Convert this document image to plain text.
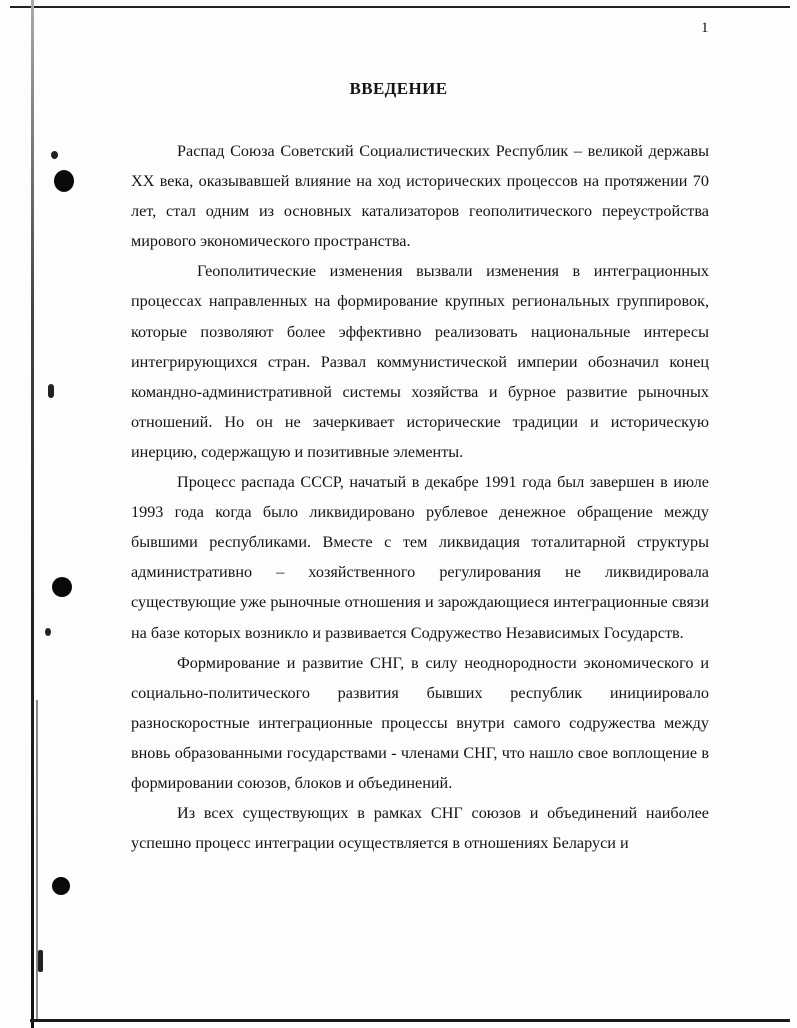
1
ВВЕДЕНИЕ

Распад Союза Советский Социалистических Республик – великой державы XX века, оказывавшей влияние на ход исторических процессов на протяжении 70 лет, стал одним из основных катализаторов геополитического переустройства мирового экономического пространства.

Геополитические изменения вызвали изменения в интеграционных процессах направленных на формирование крупных региональных группировок, которые позволяют более эффективно реализовать национальные интересы интегрирующихся стран. Развал коммунистической империи обозначил конец командно-административной системы хозяйства и бурное развитие рыночных отношений. Но он не зачеркивает исторические традиции и историческую инерцию, содержащую и позитивные элементы.

Процесс распада СССР, начатый в декабре 1991 года был завершен в июле 1993 года когда было ликвидировано рублевое денежное обращение между бывшими республиками. Вместе с тем ликвидация тоталитарной структуры административно – хозяйственного регулирования не ликвидировала существующие уже рыночные отношения и зарождающиеся интеграционные связи на базе которых возникло и развивается Содружество Независимых Государств.

Формирование и развитие СНГ, в силу неоднородности экономического и социально-политического развития бывших республик инициировало разноскоростные интеграционные процессы внутри самого содружества между вновь образованными государствами - членами СНГ, что нашло свое воплощение в формировании союзов, блоков и объединений.

Из всех существующих в рамках СНГ союзов и объединений наиболее успешно процесс интеграции осуществляется в отношениях Беларуси и
